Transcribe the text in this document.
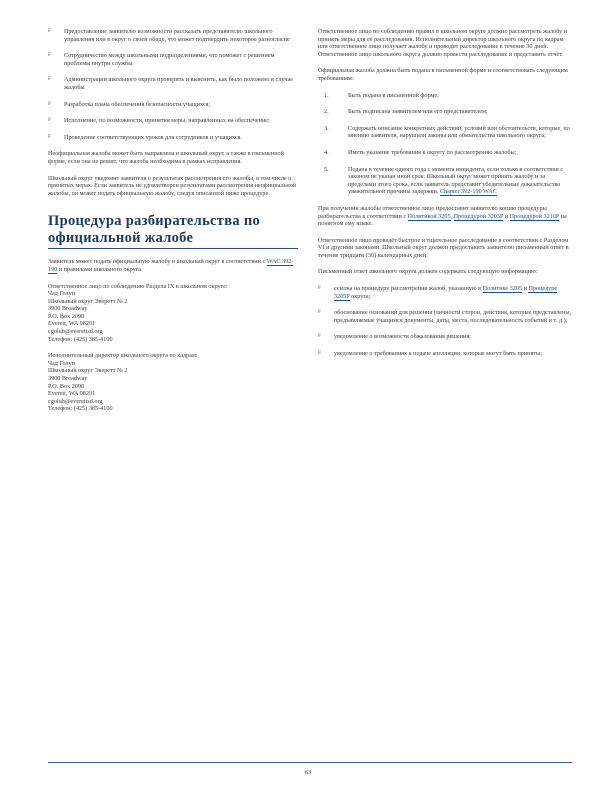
F	Предоставление заявителю возможности рассказать представителю школьного управления или в округ о своей обиде, что может подтвердить некоторое разногласие
F	Сотрудничество между школьными подразделениями, что поможет с решением проблемы внутри службы
F	Администрации школьного округа проверить и выяснить, как было положено в случае жалобы
F	Разработка плана обеспечения безопасности учащихся;
F	Исполнение, по возможности, принятия меры, направленных на обеспечение;
F	Проведение соответствующих уроков для сотрудников и учащихся.

Неофициальная жалоба может быть направлена в школьный округ, а также в письменной форме, если она не решит, что жалоба необходима в рамках исправления.

Школьный округ уведомит заявителя о результатах рассмотрения его жалобы, в том числе о принятых мерах. Если заявитель не удовлетворен результатами рассмотрения неофициальной жалобы, он может подать официальную жалобу, следуя описанной ниже процедуре.

Процедура разбирательства по официальной жалобе

Заявитель может подать официальную жалобу в школьный округ в соответствии с WAC 392-190 и правилами школьного округа.

Ответственное лицо по соблюдению Раздела IX в школьном округе:
Чад Голуп
Школьный округ Эверетт № 2
3900 Broadway
P.O. Box 2098
Everett, WA 98201
cgolub@everettsd.org
Телефон: (425) 385-4100
Исполнительный директор школьного округа по кадрам:
Чад Голуп
Школьный округ Эверетт № 2
3900 Broadway
P.O. Box 2098
Everett, WA 98201
cgolub@everettsd.org
Телефон: (425) 385-4100

Ответственное лицо по соблюдению правил в школьном округе должно рассмотреть жалобу и принять меры для её расследования. Исполнительный директор школьного округа по кадрам или ответственное лицо получает жалобу и проводит расследование в течение 30 дней. Ответственное лицо школьного округа должно провести расследование и представить отчёт.

Официальная жалоба должна быть подана в письменной форме и соответствовать следующим требованиям:

1.	Быть подана в письменной форме;
2.	Быть подписана заявителем или его представителем;
3.	Содержать описание конкретных действий, условий или обстоятельств, которые, по мнению заявителя, нарушили законы или обязательства школьного округа;
4.	Иметь указание требования к округу по рассмотрению жалобы;
5.	Подана в течение одного года с момента инцидента, если только в соответствии с законом не указан иной срок. Школьный округ может принять жалобу и за пределами этого срока, если заявитель представит убедительные доказательства уважительной причины задержки. Chapter 392-190 WAC

При получении жалобы ответственное лицо предоставит заявителю копию процедуры разбирательства в соответствии с Политикой 3205, Процедурой 3205P и Процедурой 3210P на понятном ему языке.

Ответственное лицо проведёт быстрое и тщательное расследование в соответствии с Разделом VI и другими законами. Школьный округ должен предоставить заявителю письменный ответ в течение тридцати (30) календарных дней.

Письменный ответ школьного округа должен содержать следующую информацию:

F	ссылка на процедуру рассмотрения жалоб, указанную в Политике 3205 и Процедуре 3205P округа;
F	обоснование оснований для решения (личности сторон, действия, которые представлены, предъявляемые учащимся документы, даты, места, последовательность событий и т. д.);
F	уведомление о возможности обжалования решения;
F	уведомление о требованиях к подаче апелляции, которые могут быть приняты;
63
